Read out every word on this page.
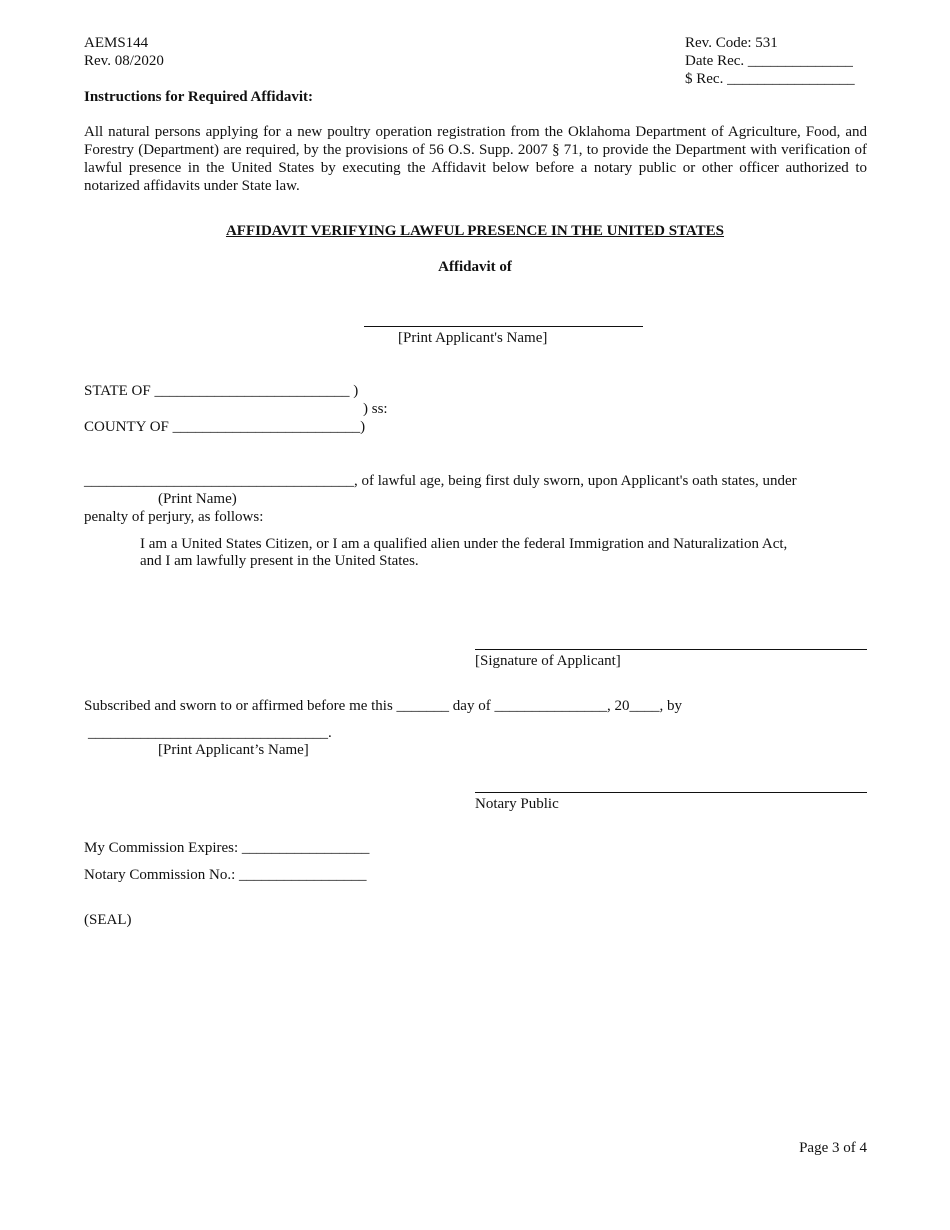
AEMS144
Rev. 08/2020
Rev. Code: 531
Date Rec. ______________
$ Rec. _________________
Instructions for Required Affidavit:
All natural persons applying for a new poultry operation registration from the Oklahoma Department of Agriculture, Food, and Forestry (Department) are required, by the provisions of 56 O.S. Supp. 2007 § 71, to provide the Department with verification of lawful presence in the United States by executing the Affidavit below before a notary public or other officer authorized to notarized affidavits under State law.
AFFIDAVIT VERIFYING LAWFUL PRESENCE IN THE UNITED STATES
Affidavit of
[Print Applicant's Name]
STATE OF __________________________ )
) ss:
COUNTY OF _________________________)
____________________________________, of lawful age, being first duly sworn, upon Applicant's oath states, under
(Print Name)
penalty of perjury, as follows:
I am a United States Citizen, or I am a qualified alien under the federal Immigration and Naturalization Act,
and I am lawfully present in the United States.
[Signature of Applicant]
Subscribed and sworn to or affirmed before me this _______ day of _______________, 20____, by
________________________________.
[Print Applicant’s Name]
Notary Public
My Commission Expires: _________________
Notary Commission No.: _________________
(SEAL)
Page 3 of 4
